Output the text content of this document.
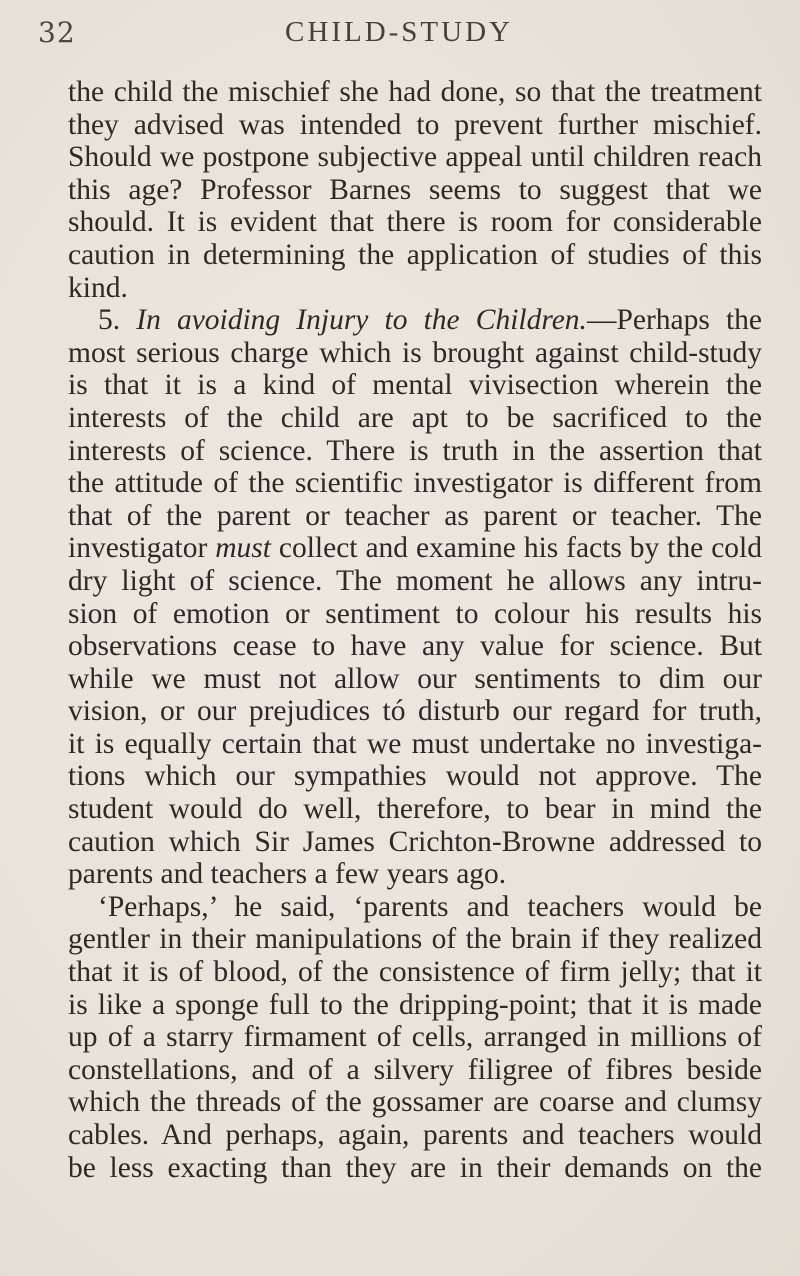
32	CHILD-STUDY
the child the mischief she had done, so that the treatment
they advised was intended to prevent further mischief.
Should we postpone subjective appeal until children reach
this age? Professor Barnes seems to suggest that we
should. It is evident that there is room for considerable
caution in determining the application of studies of this
kind.
5. In avoiding Injury to the Children.—Perhaps the
most serious charge which is brought against child-study
is that it is a kind of mental vivisection wherein the
interests of the child are apt to be sacrificed to the
interests of science. There is truth in the assertion that
the attitude of the scientific investigator is different from
that of the parent or teacher as parent or teacher. The
investigator must collect and examine his facts by the cold
dry light of science. The moment he allows any intru-
sion of emotion or sentiment to colour his results his
observations cease to have any value for science. But
while we must not allow our sentiments to dim our
vision, or our prejudices tó disturb our regard for truth,
it is equally certain that we must undertake no investiga-
tions which our sympathies would not approve. The
student would do well, therefore, to bear in mind the
caution which Sir James Crichton-Browne addressed to
parents and teachers a few years ago.
‘Perhaps,’ he said, ‘parents and teachers would be
gentler in their manipulations of the brain if they realized
that it is of blood, of the consistence of firm jelly; that it
is like a sponge full to the dripping-point; that it is made
up of a starry firmament of cells, arranged in millions of
constellations, and of a silvery filigree of fibres beside
which the threads of the gossamer are coarse and clumsy
cables. And perhaps, again, parents and teachers would
be less exacting than they are in their demands on the
